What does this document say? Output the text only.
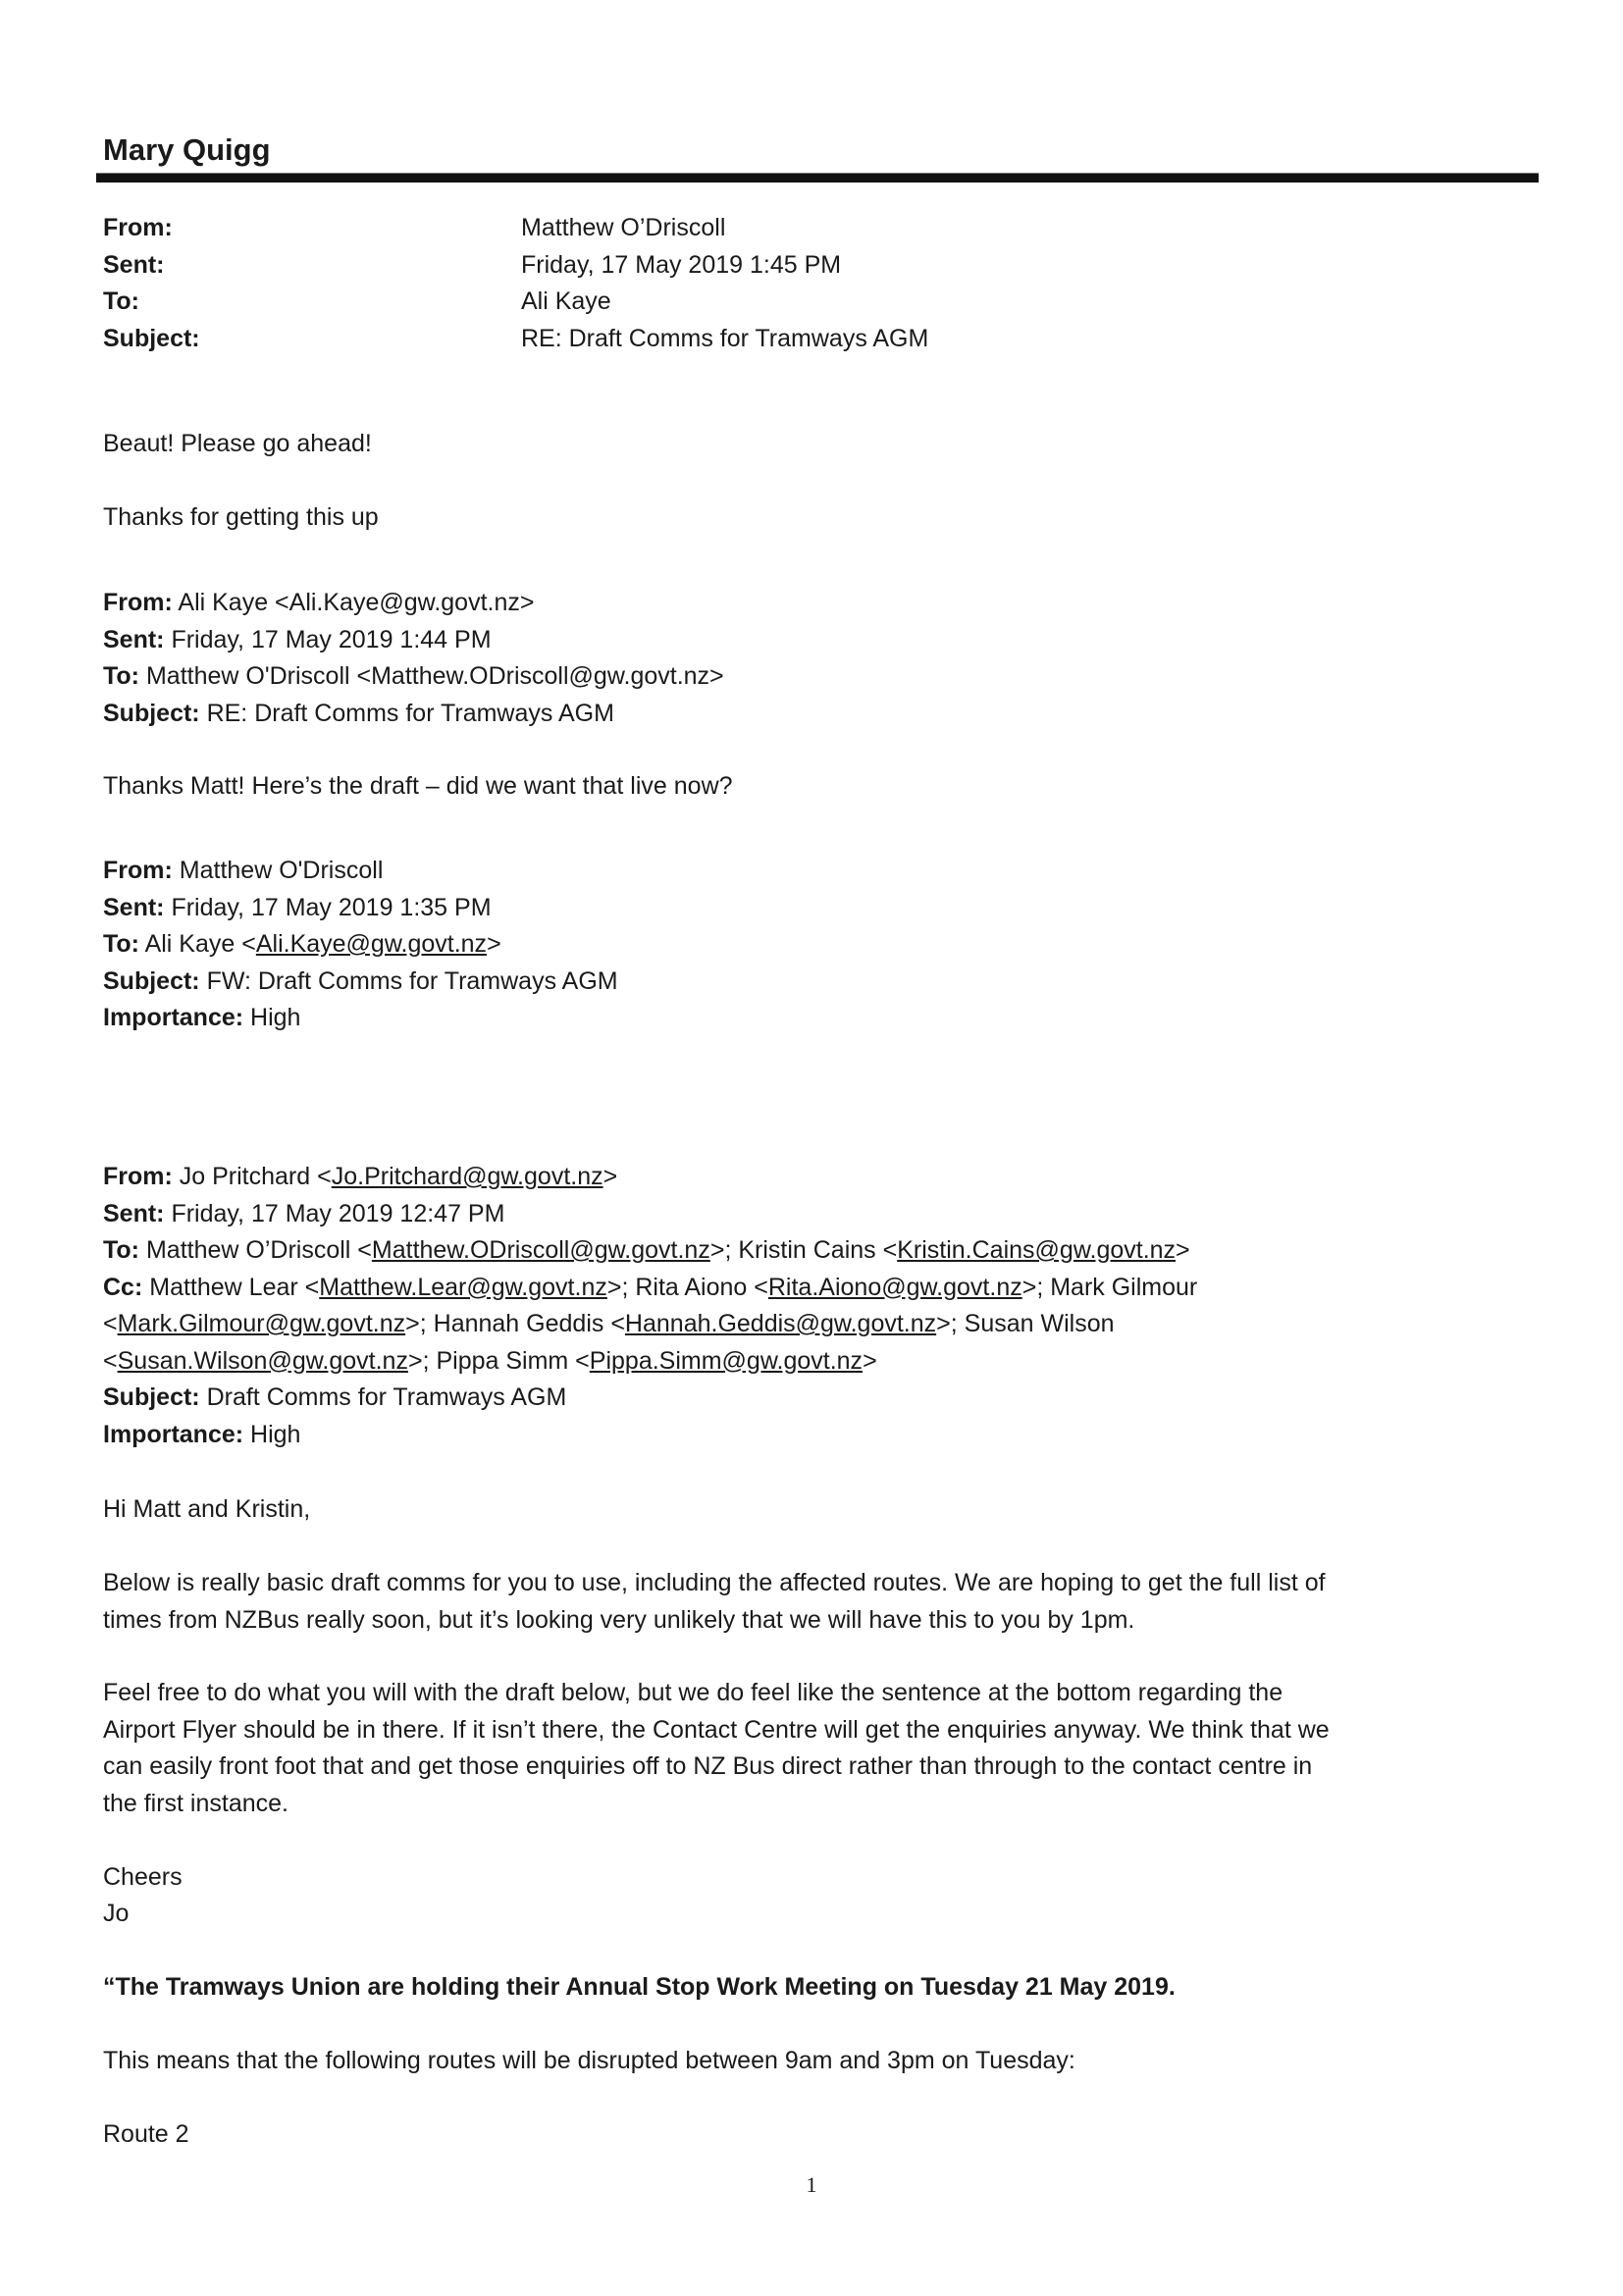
Mary Quigg
From:	Matthew O’Driscoll
Sent:	Friday, 17 May 2019 1:45 PM
To:	Ali Kaye
Subject:	RE: Draft Comms for Tramways AGM
Beaut! Please go ahead!
Thanks for getting this up
From: Ali Kaye <Ali.Kaye@gw.govt.nz>
Sent: Friday, 17 May 2019 1:44 PM
To: Matthew O'Driscoll <Matthew.ODriscoll@gw.govt.nz>
Subject: RE: Draft Comms for Tramways AGM
Thanks Matt! Here’s the draft – did we want that live now?
From: Matthew O'Driscoll
Sent: Friday, 17 May 2019 1:35 PM
To: Ali Kaye <Ali.Kaye@gw.govt.nz>
Subject: FW: Draft Comms for Tramways AGM
Importance: High
From: Jo Pritchard <Jo.Pritchard@gw.govt.nz>
Sent: Friday, 17 May 2019 12:47 PM
To: Matthew O’Driscoll <Matthew.ODriscoll@gw.govt.nz>; Kristin Cains <Kristin.Cains@gw.govt.nz>
Cc: Matthew Lear <Matthew.Lear@gw.govt.nz>; Rita Aiono <Rita.Aiono@gw.govt.nz>; Mark Gilmour
<Mark.Gilmour@gw.govt.nz>; Hannah Geddis <Hannah.Geddis@gw.govt.nz>; Susan Wilson
<Susan.Wilson@gw.govt.nz>; Pippa Simm <Pippa.Simm@gw.govt.nz>
Subject: Draft Comms for Tramways AGM
Importance: High
Hi Matt and Kristin,
Below is really basic draft comms for you to use, including the affected routes. We are hoping to get the full list of
times from NZBus really soon, but it’s looking very unlikely that we will have this to you by 1pm.
Feel free to do what you will with the draft below, but we do feel like the sentence at the bottom regarding the
Airport Flyer should be in there. If it isn’t there, the Contact Centre will get the enquiries anyway. We think that we
can easily front foot that and get those enquiries off to NZ Bus direct rather than through to the contact centre in
the first instance.
Cheers
Jo
“The Tramways Union are holding their Annual Stop Work Meeting on Tuesday 21 May 2019.
This means that the following routes will be disrupted between 9am and 3pm on Tuesday:
Route 2
1
